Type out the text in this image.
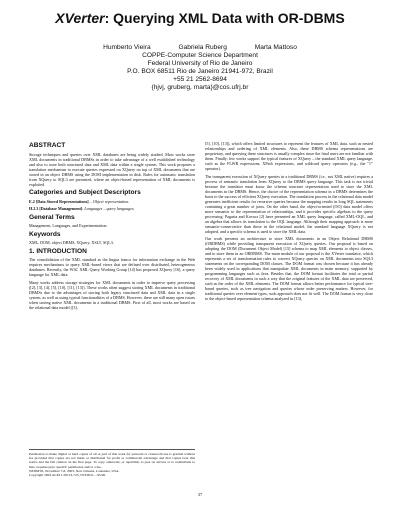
XVerter: Querying XML Data with OR-DBMS
Humberto Vieira	Gabriela Ruberg	Marta Mattoso
COPPE-Computer Science Department
Federal University of Rio de Janeiro
P.O. BOX 68511 Rio de Janeiro 21941-972, Brazil
+55 21 2562-8694
{hjvj, gruberg, marta}@cos.ufrj.br
ABSTRACT

Storage techniques and queries over XML databases are being widely studied. Most works store XML documents in traditional DBMSs in order to take advantage of a well established technology and also to store both structured data and XML data within a single system. This work proposes a translation mechanism to execute queries expressed on XQuery on top of XML documents that are stored in an object DBMS using the DOM implementation in disk. Rules for automatic translation from XQuery to SQL3 are presented, where an object-based representation of XML documents is exploited.

Categories and Subject Descriptors

E.2 [Data Stored Representations] – Object representation.

H.2.3 [Database Management]: Languages – query languages.

General Terms

Management, Languages, and Experimentation.

Keywords

XML, DOM, object DBMS, XQuery, XSLT, SQL3.

1. INTRODUCTION

The consolidation of the XML standard as the lingua franca for information exchange in the Web requires mechanisms to query XML-based views that are defined over distributed, heterogeneous databases. Recently, the W3C XML Query Working Group [14] has proposed XQuery [16], a query language for XML data.

Many works address storage strategies for XML documents in order to improve query processing ([2], [3], [4], [5], [10], [11], [13]). These works often suggest storing XML documents in traditional DBMSs due to the advantages of storing both legacy structured data and XML data in a single system, as well as using typical functionalities of a DBMS. However, there are still many open issues when storing native XML documents in a traditional DBMS. First of all, most works are based on the relational data model ([3],

Permission to make digital or hard copies of all or part of this work for personal or classroom use is granted without fee provided that copies are not made or distributed for profit or commercial advantage and that copies bear this notice and the full citation on the first page. To copy otherwise, or republish, to post on servers or to redistribute to lists, requires prior specific permission and/or a fee.

WIDM'03, November 7-8, 2003, New Orleans, Louisiana, USA.

Copyright 2003 ACM 1-58113-725-7/03/0011…$5.00.

[5], [10], [13]), which offers limited structures to represent the features of XML data, such as nested relationships and ordering of XML elements. Also, these DBMS schema representations are proprietary, and querying these structures is usually complex since the final users are not familiar with them. Finally, few works support the typical features of XQuery – the standard XML query language, such as the FLWR expressions, XPath expressions, and wildcard query operators (e.g., the "//" operator).

The transparent execution of XQuery queries in a traditional DBMS (i.e., not XML native) requires a process of semantic translation from XQuery to the DBMS query language. This task is not trivial because the translator must know the schema structure representation used to store the XML documents in the DBMS. Hence, the choice of the representation schema in a DBMS determines the basis to the success of efficient XQuery execution. The translation process in the relational data model generates inefficient results for recursive queries because the mapping results in long SQL statements containing a great number of joins. On the other hand, the object-oriented (OO) data model offers more semantic to the representation of relationships, and it provides specific algebras to the query processing. Pagasia and Kovacs [2] have presented an XML query language, called XML-OQL, and an algebra that allows its translation to the OQL language. Although their mapping approach is more semantic-conservative than those in the relational model, the standard language XQuery is not adopted, and a specific schema is used to store the XML data.

Our work presents an architecture to store XML documents in an Object Relational DBMS (ORDBMS) while providing transparent execution of XQuery queries. Our proposal is based on adopting the DOM (Document Object Model) [15] schema to map XML elements to object classes, and to store them in an ORDBMS. The main module of our proposal is the XVerter translator, which represents a set of transformation rules to convert XQuery queries on XML documents into SQL3 statements on the corresponding DOM classes. The DOM format was chosen because it has already been widely used in applications that manipulate XML documents in main memory, supported by programming languages such as Java. Besides that, the DOM format facilitates the total or partial recovery of XML documents in such a way that the original features of the XML data are preserved, such as the order of the XML elements. The DOM format allows better performance for typical tree-based queries, such as tree navigation and queries whose order preserving matters. However, for traditional queries over element types, such approach does not fit well. The DOM format is very close to the object-based representation schema analyzed in [13],

37
